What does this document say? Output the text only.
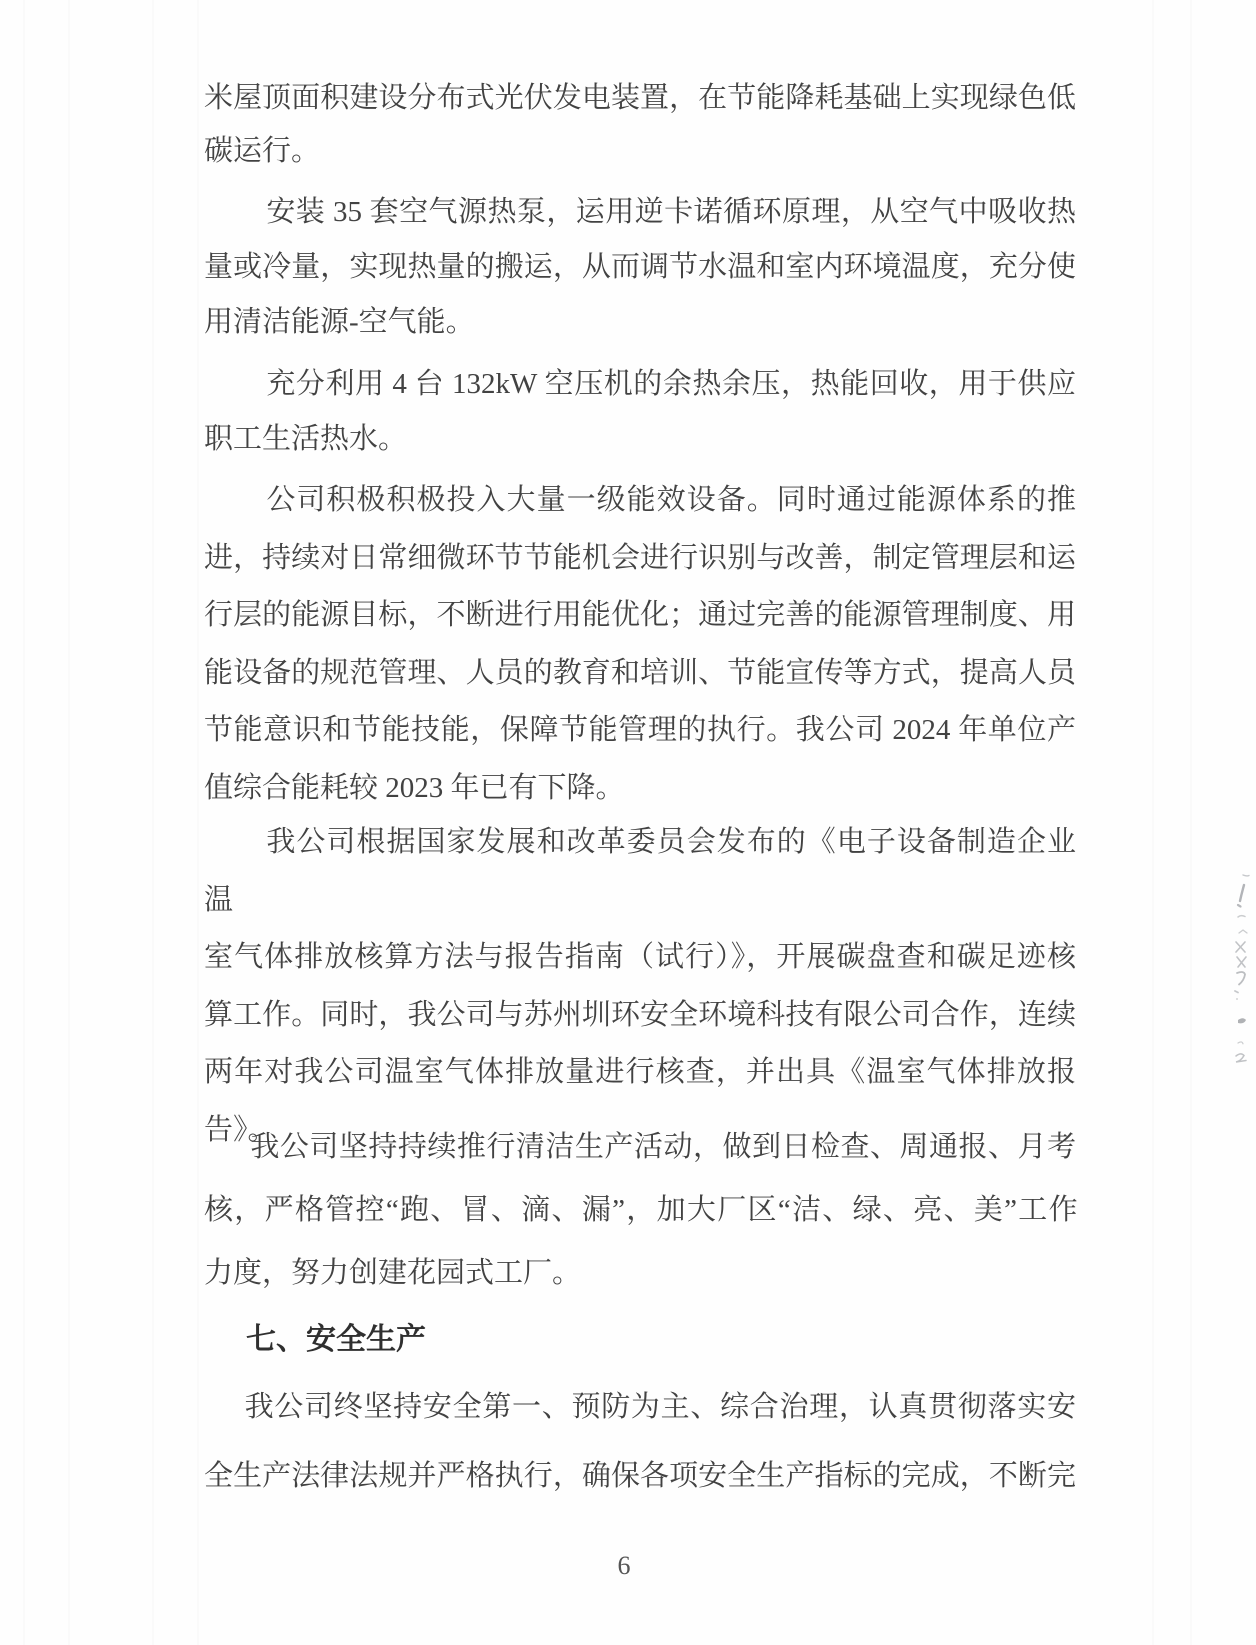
米屋顶面积建设分布式光伏发电装置，在节能降耗基础上实现绿色低
碳运行。
安装 35 套空气源热泵，运用逆卡诺循环原理，从空气中吸收热
量或冷量，实现热量的搬运，从而调节水温和室内环境温度，充分使
用清洁能源-空气能。
充分利用 4 台 132kW 空压机的余热余压，热能回收，用于供应
职工生活热水。
公司积极积极投入大量一级能效设备。同时通过能源体系的推
进，持续对日常细微环节节能机会进行识别与改善，制定管理层和运
行层的能源目标，不断进行用能优化；通过完善的能源管理制度、用
能设备的规范管理、人员的教育和培训、节能宣传等方式，提高人员
节能意识和节能技能，保障节能管理的执行。我公司 2024 年单位产
值综合能耗较 2023 年已有下降。
我公司根据国家发展和改革委员会发布的《电子设备制造企业温
室气体排放核算方法与报告指南（试行）》，开展碳盘查和碳足迹核
算工作。同时，我公司与苏州圳环安全环境科技有限公司合作，连续
两年对我公司温室气体排放量进行核查，并出具《温室气体排放报
告》。
我公司坚持持续推行清洁生产活动，做到日检查、周通报、月考
核，严格管控“跑、冒、滴、漏”，加大厂区“洁、绿、亮、美”工作
力度，努力创建花园式工厂。
七、安全生产
我公司终坚持安全第一、预防为主、综合治理，认真贯彻落实安
全生产法律法规并严格执行，确保各项安全生产指标的完成，不断完
6
